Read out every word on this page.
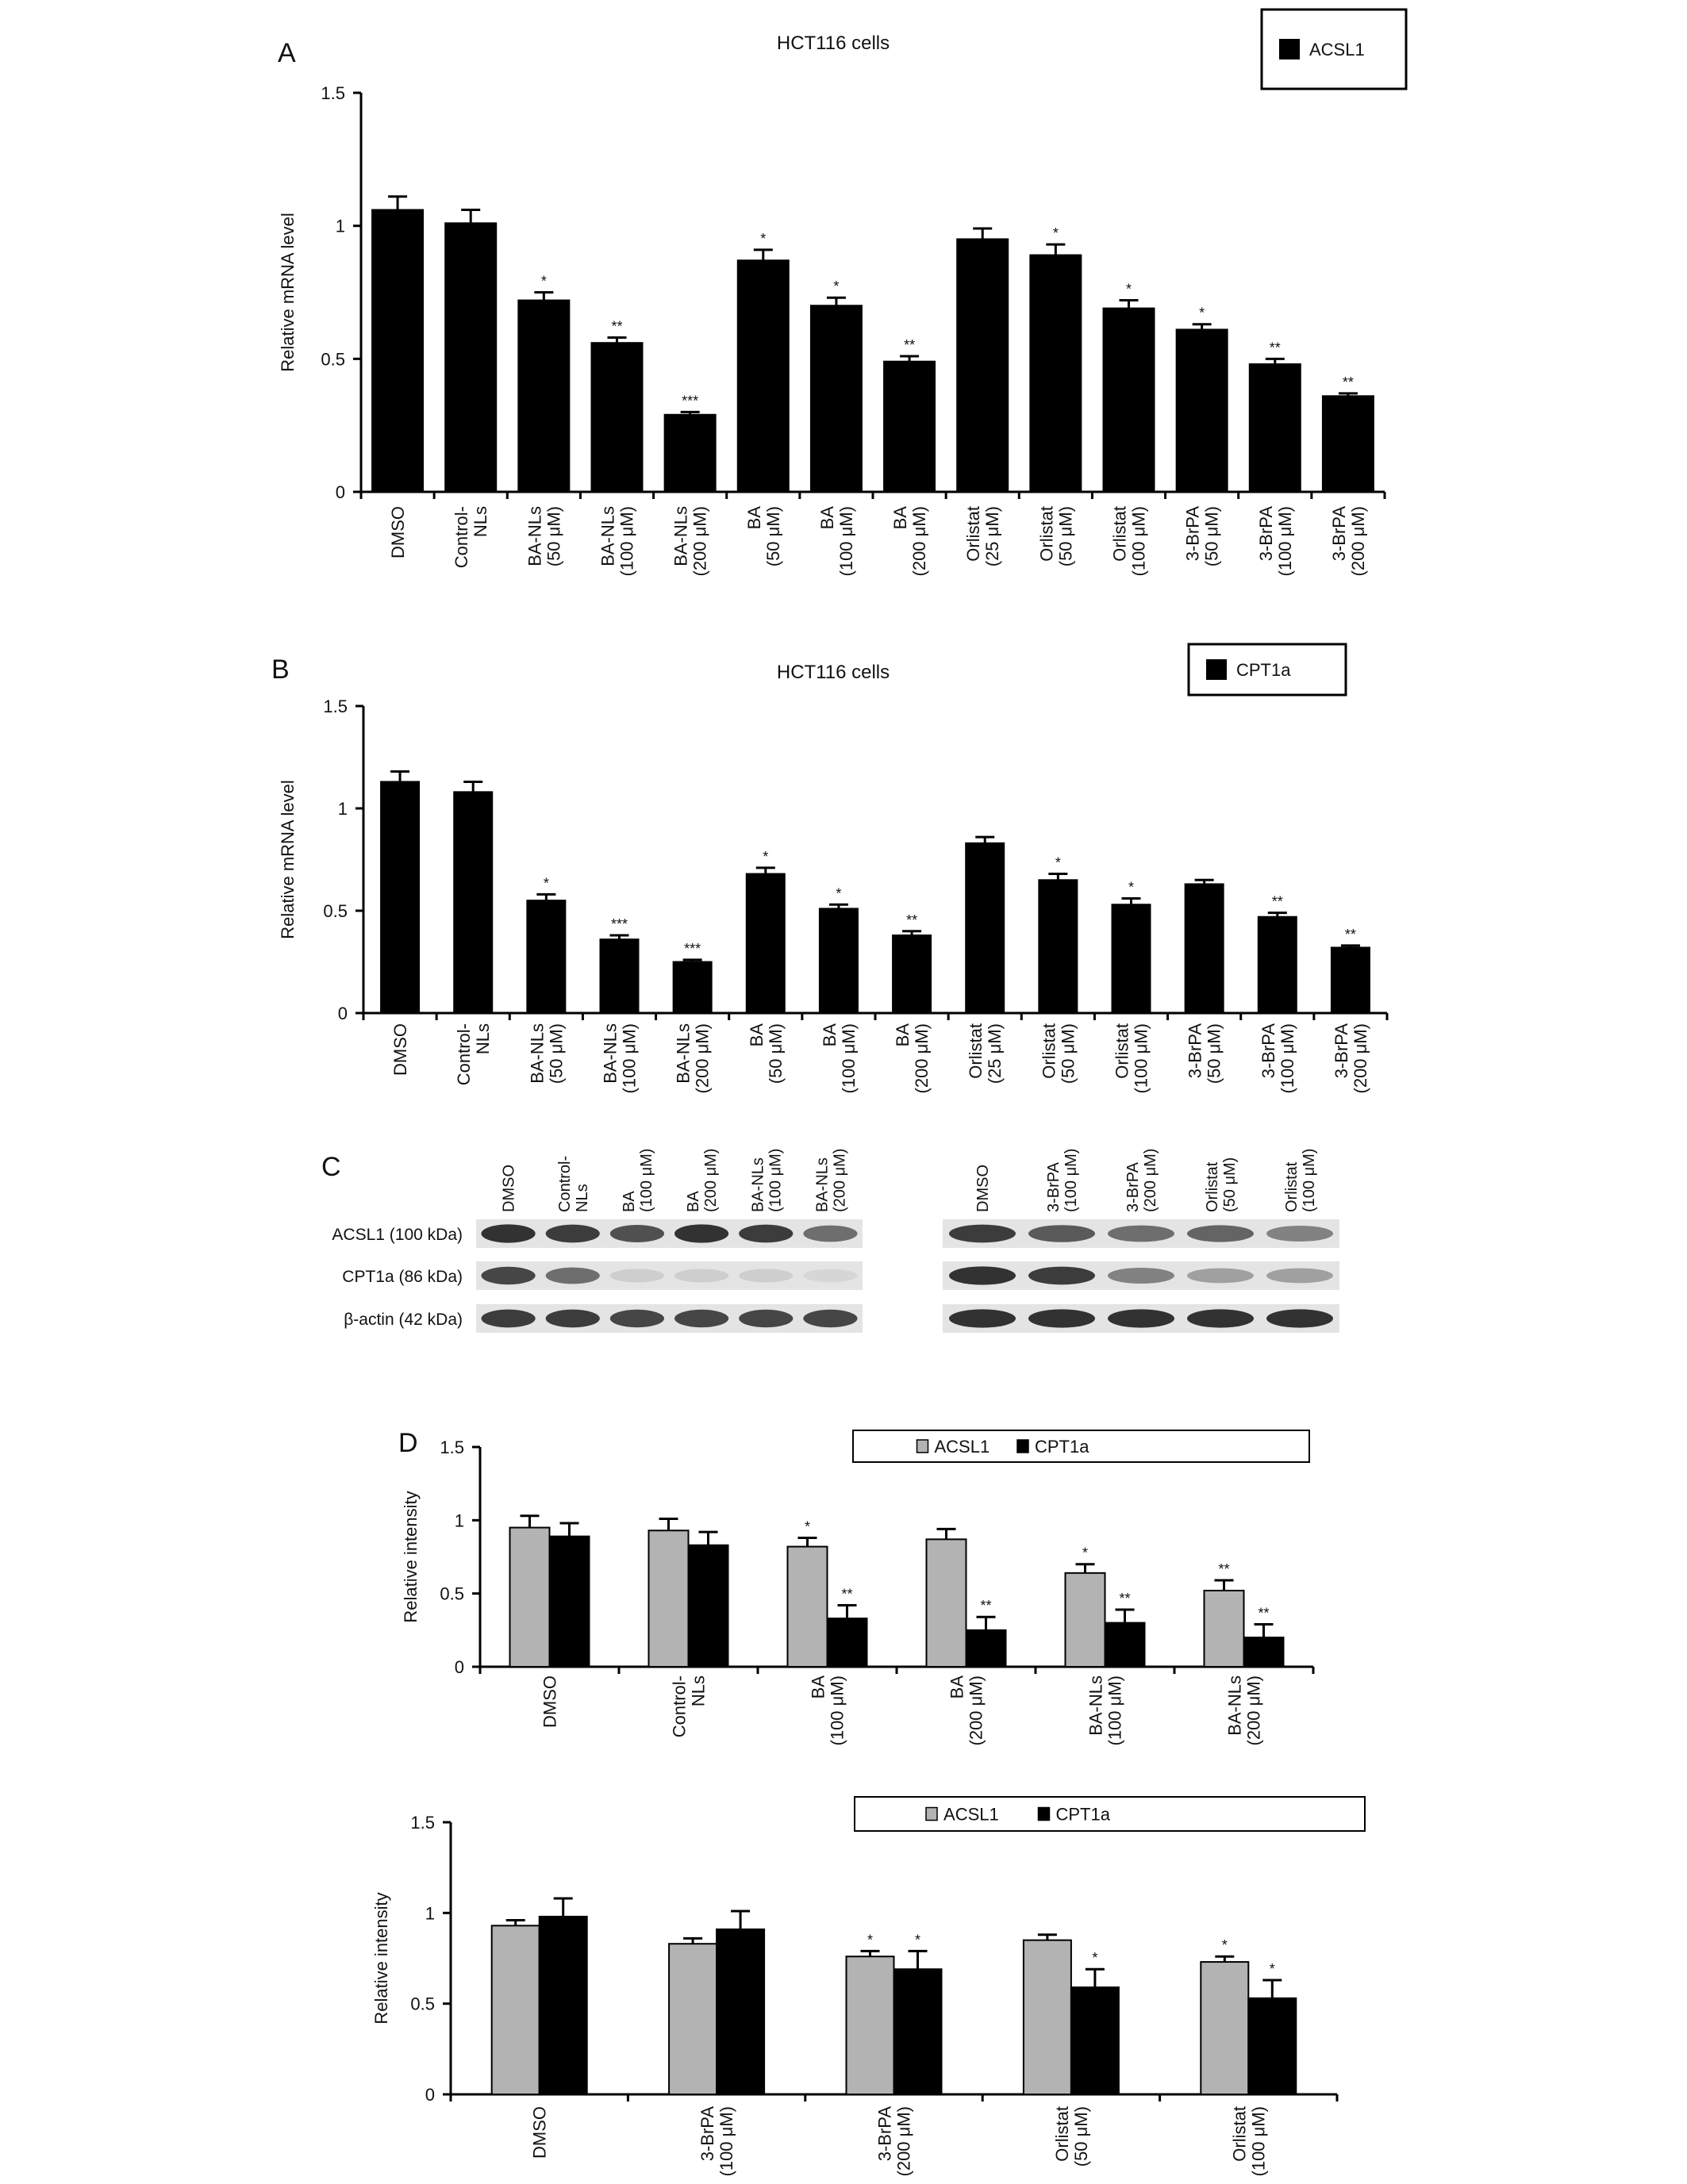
A
B
C
D
HCT116 cells
0
0.5
1
1.5
Relative mRNA level	*
**
***
*
*
**
*
*
*
**
**
DMSO	Control- NLs BA-NLs (50 μM) BA-NLs (100 μM) BA-NLs (200 μM) BA (50 μM) BA (100 μM) BA (200 μM) Orlistat (25 μM) Orlistat (50 μM) Orlistat (100 μM) 3-BrPA (50 μM) 3-BrPA (100 μM) 3-BrPA (200 μM)
ACSL1
HCT116 cells
0
0.5
1
1.5
Relative mRNA level	*
***
***
*
*
**
*
*
**
**
DMSO	Control- NLs BA-NLs (50 μM) BA-NLs (100 μM) BA-NLs (200 μM) BA (50 μM) BA (100 μM) BA (200 μM) Orlistat (25 μM) Orlistat (50 μM) Orlistat (100 μM) 3-BrPA (50 μM) 3-BrPA (100 μM) 3-BrPA (200 μM)
CPT1a
ACSL1 (100 kDa)
CPT1a (86 kDa)
β-actin (42 kDa)
DMSO Control- NLs BA (100 μM) BA (200 μM) BA-NLs (100 μM) BA-NLs (200 μM)	DMSO	3-BrPA (100 μM)	3-BrPA (200 μM)	Orlistat (50 μM)	Orlistat (100 μM)
0
0.5
1
1.5
Relative intensity	*
*
**
**
**	**
**
DMSO	Control- NLs	BA (100 μM)	BA (200 μM)	BA-NLs (100 μM)	BA-NLs (200 μM)
ACSL1	CPT1a
0
0.5
1
1.5
Relative intensity	*	*
*
*
*
DMSO	3-BrPA (100 μM)	3-BrPA (200 μM)	Orlistat (50 μM)	Orlistat (100 μM)
ACSL1	CPT1a
